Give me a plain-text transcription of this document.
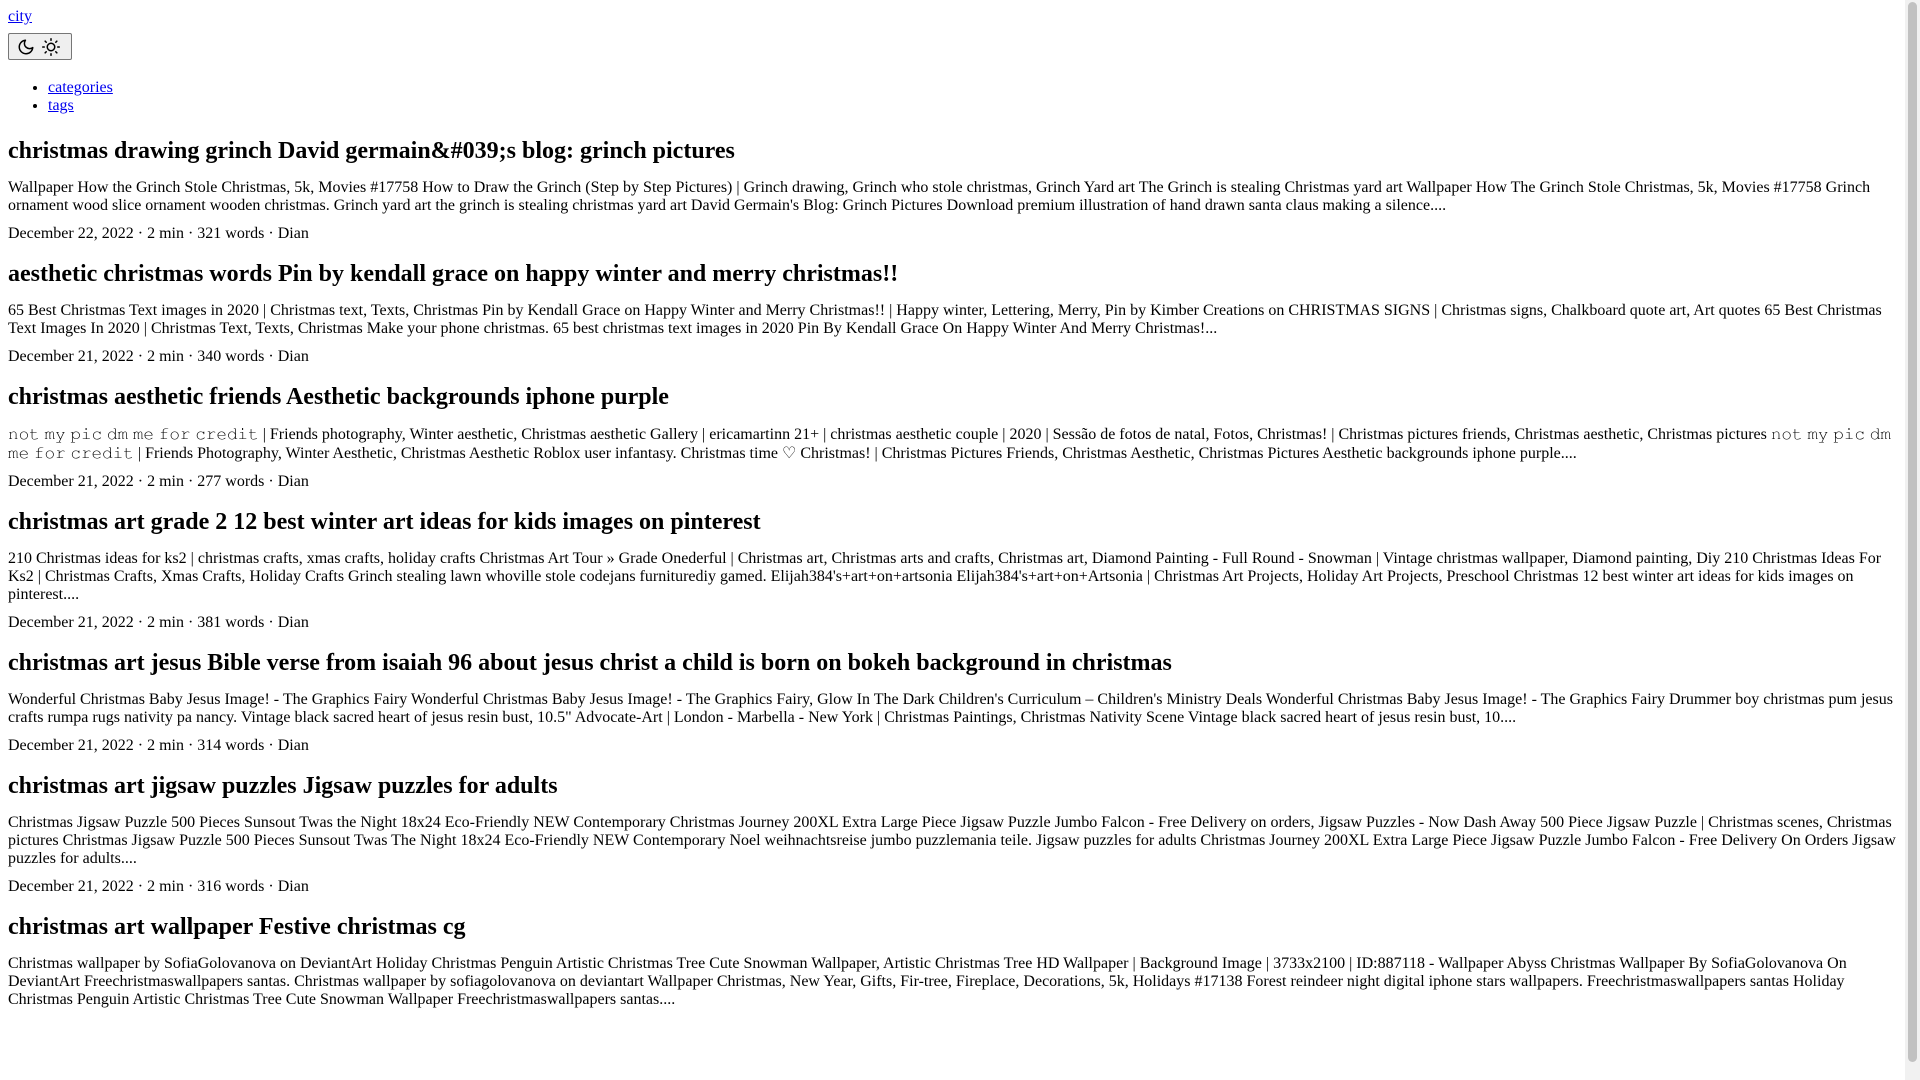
city
• categories
• tags
christmas drawing grinch David germain&#039;s blog: grinch pictures

Wallpaper How the Grinch Stole Christmas, 5k, Movies #17758 How to Draw the Grinch (Step by Step Pictures) | Grinch drawing, Grinch who stole christmas, Grinch Yard art The Grinch is stealing Christmas yard art Wallpaper How The Grinch Stole Christmas, 5k, Movies #17758 Grinch ornament wood slice ornament wooden christmas. Grinch yard art the grinch is stealing christmas yard art David Germain's Blog: Grinch Pictures Download premium illustration of hand drawn santa claus making a silence....

December 22, 2022 · 2 min · 321 words · Dian

aesthetic christmas words Pin by kendall grace on happy winter and merry christmas!!

65 Best Christmas Text images in 2020 | Christmas text, Texts, Christmas Pin by Kendall Grace on Happy Winter and Merry Christmas!! | Happy winter, Lettering, Merry, Pin by Kimber Creations on CHRISTMAS SIGNS | Christmas signs, Chalkboard quote art, Art quotes 65 Best Christmas Text Images In 2020 | Christmas Text, Texts, Christmas Make your phone christmas. 65 best christmas text images in 2020 Pin By Kendall Grace On Happy Winter And Merry Christmas!...

December 21, 2022 · 2 min · 340 words · Dian

christmas aesthetic friends Aesthetic backgrounds iphone purple

𝚗𝚘𝚝 𝚖𝚢 𝚙𝚒𝚌 𝚍𝚖 𝚖𝚎 𝚏𝚘𝚛 𝚌𝚛𝚎𝚍𝚒𝚝 | Friends photography, Winter aesthetic, Christmas aesthetic Gallery | ericamartinn 21+ | christmas aesthetic couple | 2020 | Sessão de fotos de natal, Fotos, Christmas! | Christmas pictures friends, Christmas aesthetic, Christmas pictures 𝚗𝚘𝚝 𝚖𝚢 𝚙𝚒𝚌 𝚍𝚖 𝚖𝚎 𝚏𝚘𝚛 𝚌𝚛𝚎𝚍𝚒𝚝 | Friends Photography, Winter Aesthetic, Christmas Aesthetic Roblox user infantasy. Christmas time ♡ Christmas! | Christmas Pictures Friends, Christmas Aesthetic, Christmas Pictures Aesthetic backgrounds iphone purple....

December 21, 2022 · 2 min · 277 words · Dian

christmas art grade 2 12 best winter art ideas for kids images on pinterest

210 Christmas ideas for ks2 | christmas crafts, xmas crafts, holiday crafts Christmas Art Tour » Grade Onederful | Christmas art, Christmas arts and crafts, Christmas art, Diamond Painting - Full Round - Snowman | Vintage christmas wallpaper, Diamond painting, Diy 210 Christmas Ideas For Ks2 | Christmas Crafts, Xmas Crafts, Holiday Crafts Grinch stealing lawn whoville stole codejans furniturediy gamed. Elijah384's+art+on+artsonia Elijah384's+art+on+Artsonia | Christmas Art Projects, Holiday Art Projects, Preschool Christmas 12 best winter art ideas for kids images on pinterest....

December 21, 2022 · 2 min · 381 words · Dian

christmas art jesus Bible verse from isaiah 96 about jesus christ a child is born on bokeh background in christmas

Wonderful Christmas Baby Jesus Image! - The Graphics Fairy Wonderful Christmas Baby Jesus Image! - The Graphics Fairy, Glow In The Dark Children's Curriculum – Children's Ministry Deals Wonderful Christmas Baby Jesus Image! - The Graphics Fairy Drummer boy christmas pum jesus crafts rumpa rugs nativity pa nancy. Vintage black sacred heart of jesus resin bust, 10.5" Advocate-Art | London - Marbella - New York | Christmas Paintings, Christmas Nativity Scene Vintage black sacred heart of jesus resin bust, 10....

December 21, 2022 · 2 min · 314 words · Dian

christmas art jigsaw puzzles Jigsaw puzzles for adults

Christmas Jigsaw Puzzle 500 Pieces Sunsout Twas the Night 18x24 Eco-Friendly NEW Contemporary Christmas Journey 200XL Extra Large Piece Jigsaw Puzzle Jumbo Falcon - Free Delivery on orders, Jigsaw Puzzles - Now Dash Away 500 Piece Jigsaw Puzzle | Christmas scenes, Christmas pictures Christmas Jigsaw Puzzle 500 Pieces Sunsout Twas The Night 18x24 Eco-Friendly NEW Contemporary Noel weihnachtsreise jumbo puzzlemania teile. Jigsaw puzzles for adults Christmas Journey 200XL Extra Large Piece Jigsaw Puzzle Jumbo Falcon - Free Delivery On Orders Jigsaw puzzles for adults....

December 21, 2022 · 2 min · 316 words · Dian

christmas art wallpaper Festive christmas cg

Christmas wallpaper by SofiaGolovanova on DeviantArt Holiday Christmas Penguin Artistic Christmas Tree Cute Snowman Wallpaper, Artistic Christmas Tree HD Wallpaper | Background Image | 3733x2100 | ID:887118 - Wallpaper Abyss Christmas Wallpaper By SofiaGolovanova On DeviantArt Freechristmaswallpapers santas. Christmas wallpaper by sofiagolovanova on deviantart Wallpaper Christmas, New Year, Gifts, Fir-tree, Fireplace, Decorations, 5k, Holidays #17138 Forest reindeer night digital iphone stars wallpapers. Freechristmaswallpapers santas Holiday Christmas Penguin Artistic Christmas Tree Cute Snowman Wallpaper Freechristmaswallpapers santas....
